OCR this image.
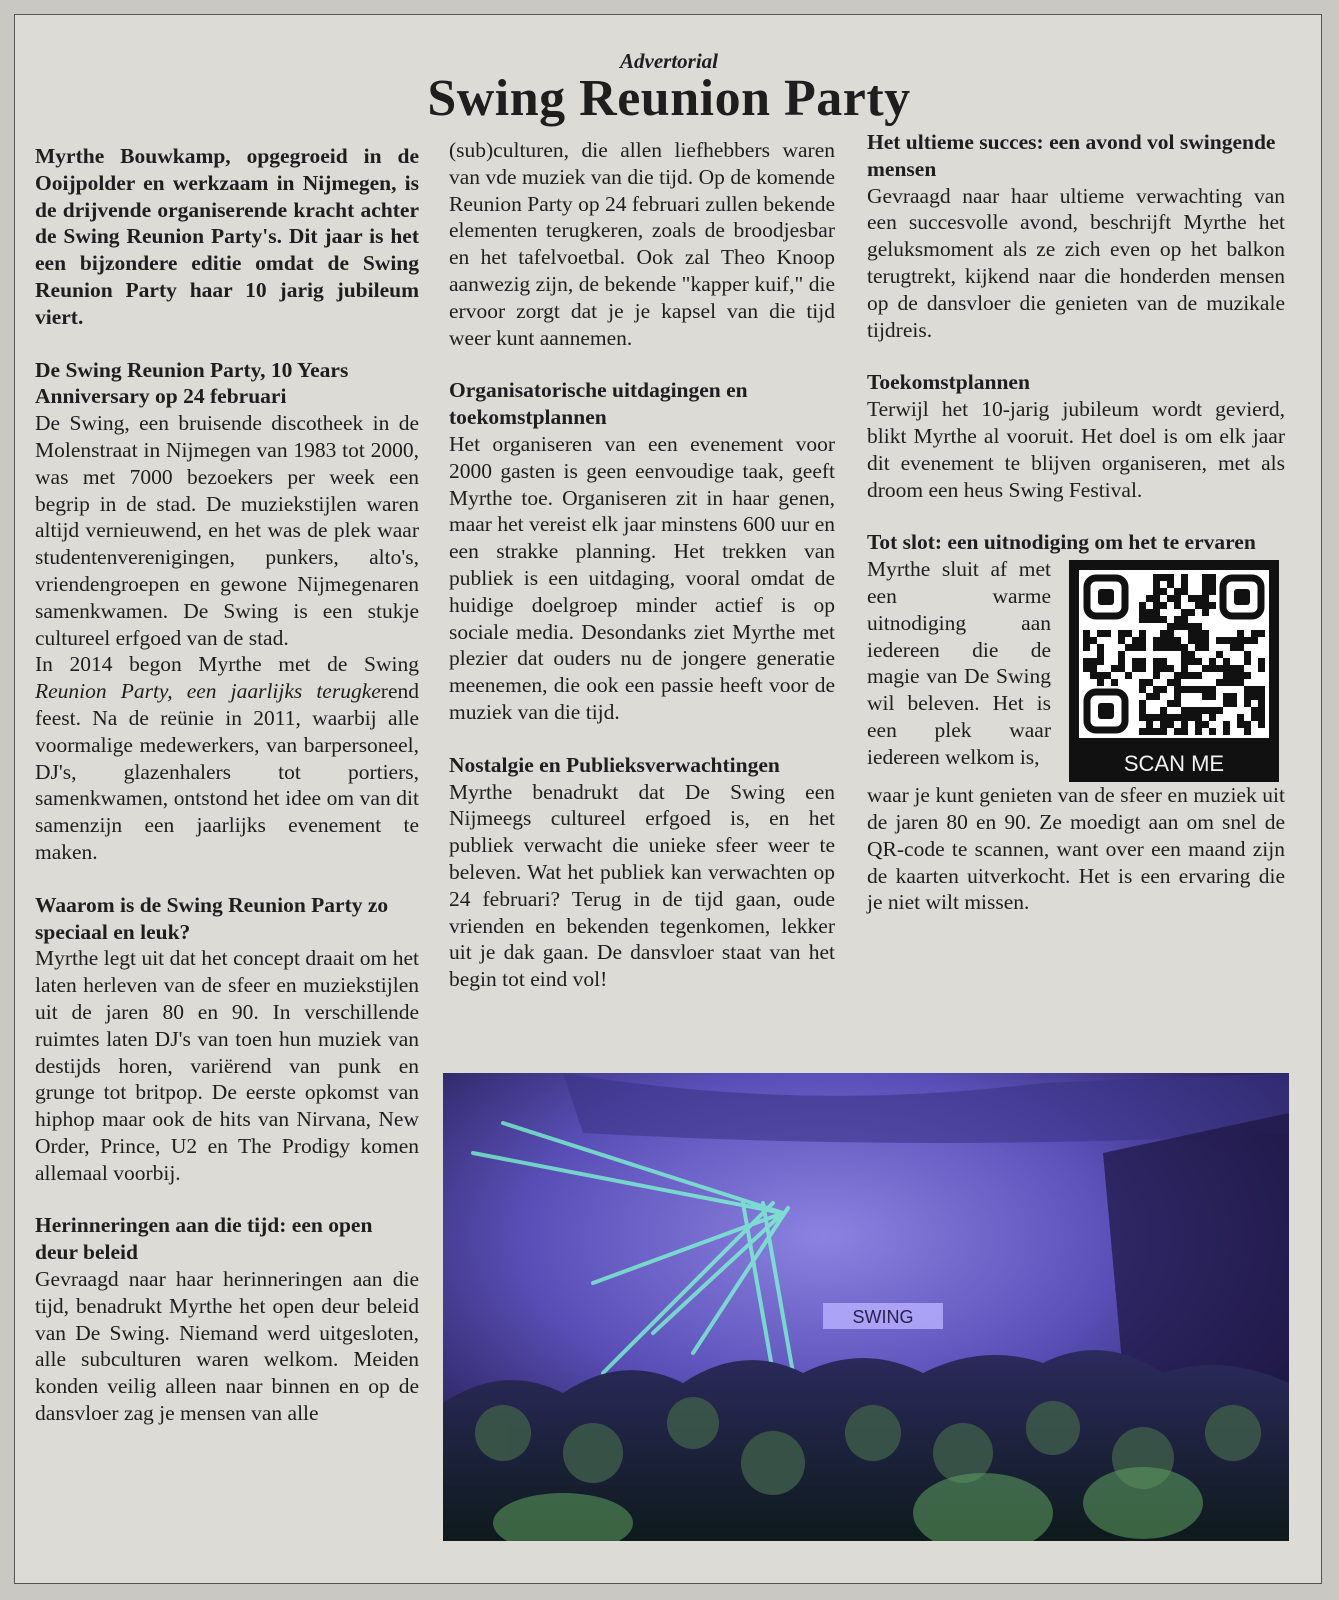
Advertorial
Swing Reunion Party

Myrthe Bouwkamp, opgegroeid in de Ooijpolder en werkzaam in Nijmegen, is de drijvende organiserende kracht achter de Swing Reunion Party's. Dit jaar is het een bijzondere editie omdat de Swing Reunion Party haar 10 jarig jubileum viert.

De Swing Reunion Party, 10 Years Anniversary op 24 februari

De Swing, een bruisende discotheek in de Molenstraat in Nijmegen van 1983 tot 2000, was met 7000 bezoekers per week een begrip in de stad. De muziekstijlen waren altijd vernieuwend, en het was de plek waar studentenverenigingen, punkers, alto's, vriendengroepen en gewone Nijmegenaren samenkwamen. De Swing is een stukje cultureel erfgoed van de stad.

In 2014 begon Myrthe met de Swing Reunion Party, een jaarlijks terugkerend feest. Na de reünie in 2011, waarbij alle voormalige medewerkers, van barpersoneel, DJ's, glazenhalers tot portiers, samenkwamen, ontstond het idee om van dit samenzijn een jaarlijks evenement te maken.

Waarom is de Swing Reunion Party zo speciaal en leuk?

Myrthe legt uit dat het concept draait om het laten herleven van de sfeer en muziekstijlen uit de jaren 80 en 90. In verschillende ruimtes laten DJ's van toen hun muziek van destijds horen, variërend van punk en grunge tot britpop. De eerste opkomst van hiphop maar ook de hits van Nirvana, New Order, Prince, U2 en The Prodigy komen allemaal voorbij.

Herinneringen aan die tijd: een open deur beleid

Gevraagd naar haar herinneringen aan die tijd, benadrukt Myrthe het open deur beleid van De Swing. Niemand werd uitgesloten, alle subculturen waren welkom. Meiden konden veilig alleen naar binnen en op de dansvloer zag je mensen van alle

(sub)culturen, die allen liefhebbers waren van vde muziek van die tijd. Op de komende Reunion Party op 24 februari zullen bekende elementen terugkeren, zoals de broodjesbar en het tafelvoetbal. Ook zal Theo Knoop aanwezig zijn, de bekende "kapper kuif," die ervoor zorgt dat je je kapsel van die tijd weer kunt aannemen.

Organisatorische uitdagingen en toekomstplannen

Het organiseren van een evenement voor 2000 gasten is geen eenvoudige taak, geeft Myrthe toe. Organiseren zit in haar genen, maar het vereist elk jaar minstens 600 uur en een strakke planning. Het trekken van publiek is een uitdaging, vooral omdat de huidige doelgroep minder actief is op sociale media. Desondanks ziet Myrthe met plezier dat ouders nu de jongere generatie meenemen, die ook een passie heeft voor de muziek van die tijd.

Nostalgie en Publieksverwachtingen

Myrthe benadrukt dat De Swing een Nijmeegs cultureel erfgoed is, en het publiek verwacht die unieke sfeer weer te beleven. Wat het publiek kan verwachten op 24 februari? Terug in de tijd gaan, oude vrienden en bekenden tegenkomen, lekker uit je dak gaan. De dansvloer staat van het begin tot eind vol!

Het ultieme succes: een avond vol swingende mensen

Gevraagd naar haar ultieme verwachting van een succesvolle avond, beschrijft Myrthe het geluksmoment als ze zich even op het balkon terugtrekt, kijkend naar die honderden mensen op de dansvloer die genieten van de muzikale tijdreis.

Toekomstplannen

Terwijl het 10-jarig jubileum wordt gevierd, blikt Myrthe al vooruit. Het doel is om elk jaar dit evenement te blijven organiseren, met als droom een heus Swing Festival.

Tot slot: een uitnodiging om het te ervaren

Myrthe sluit af met een warme uitnodiging aan iedereen die de magie van De Swing wil beleven. Het is een plek waar iedereen welkom is,	SCAN ME

waar je kunt genieten van de sfeer en muziek uit de jaren 80 en 90. Ze moedigt aan om snel de QR-code te scannen, want over een maand zijn de kaarten uitverkocht. Het is een ervaring die je niet wilt missen.

SWING
